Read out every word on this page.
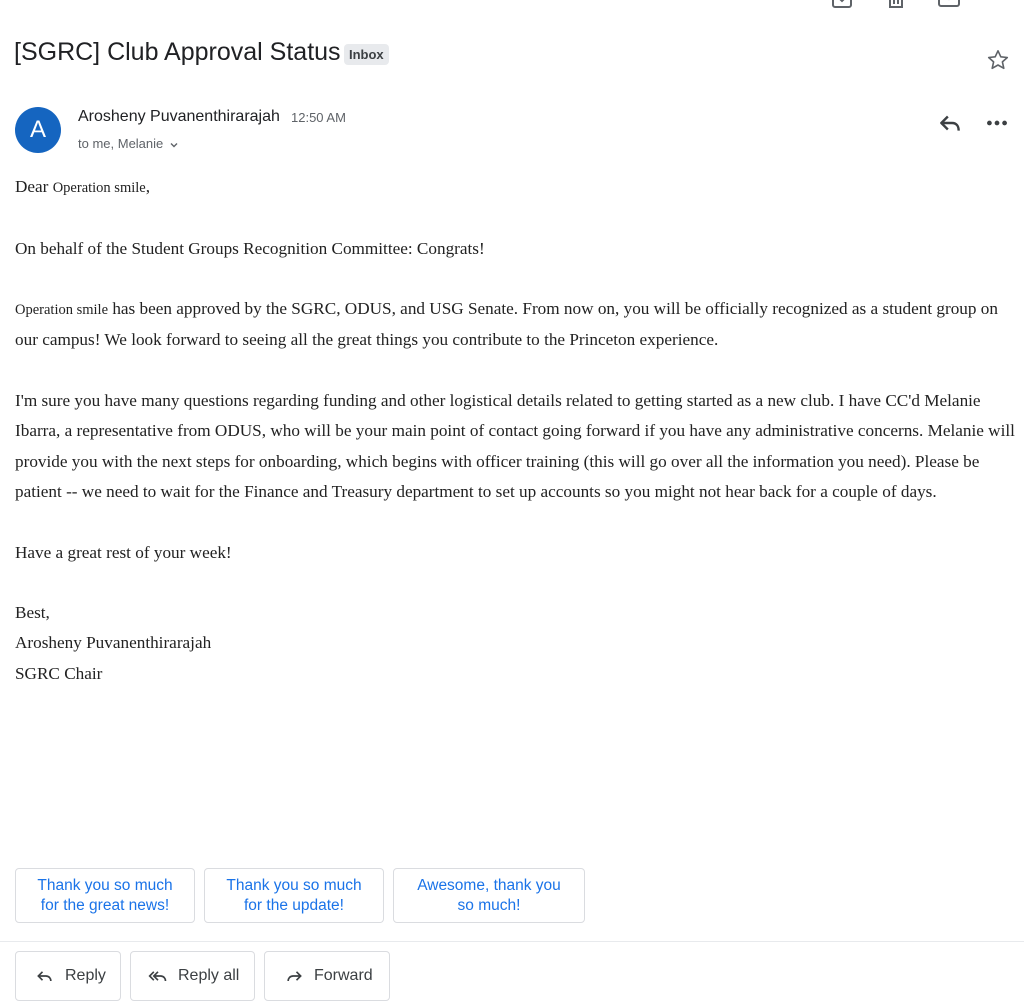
[SGRC] Club Approval Status Inbox
A	Arosheny Puvanenthirarajah 12:50 AM
to me, Melanie

Dear Operation smile,

On behalf of the Student Groups Recognition Committee: Congrats!

Operation smile has been approved by the SGRC, ODUS, and USG Senate. From now on, you will be officially recognized as a student group on our campus! We look forward to seeing all the great things you contribute to the Princeton experience.

I'm sure you have many questions regarding funding and other logistical details related to getting started as a new club. I have CC'd Melanie Ibarra, a representative from ODUS, who will be your main point of contact going forward if you have any administrative concerns. Melanie will provide you with the next steps for onboarding, which begins with officer training (this will go over all the information you need). Please be patient -- we need to wait for the Finance and Treasury department to set up accounts so you might not hear back for a couple of days.

Have a great rest of your week!

Best,

Arosheny Puvanenthirarajah

SGRC Chair

Thank you so much
for the great news!
Thank you so much
for the update!
Awesome, thank you
so much!
Reply	Reply all	Forward
